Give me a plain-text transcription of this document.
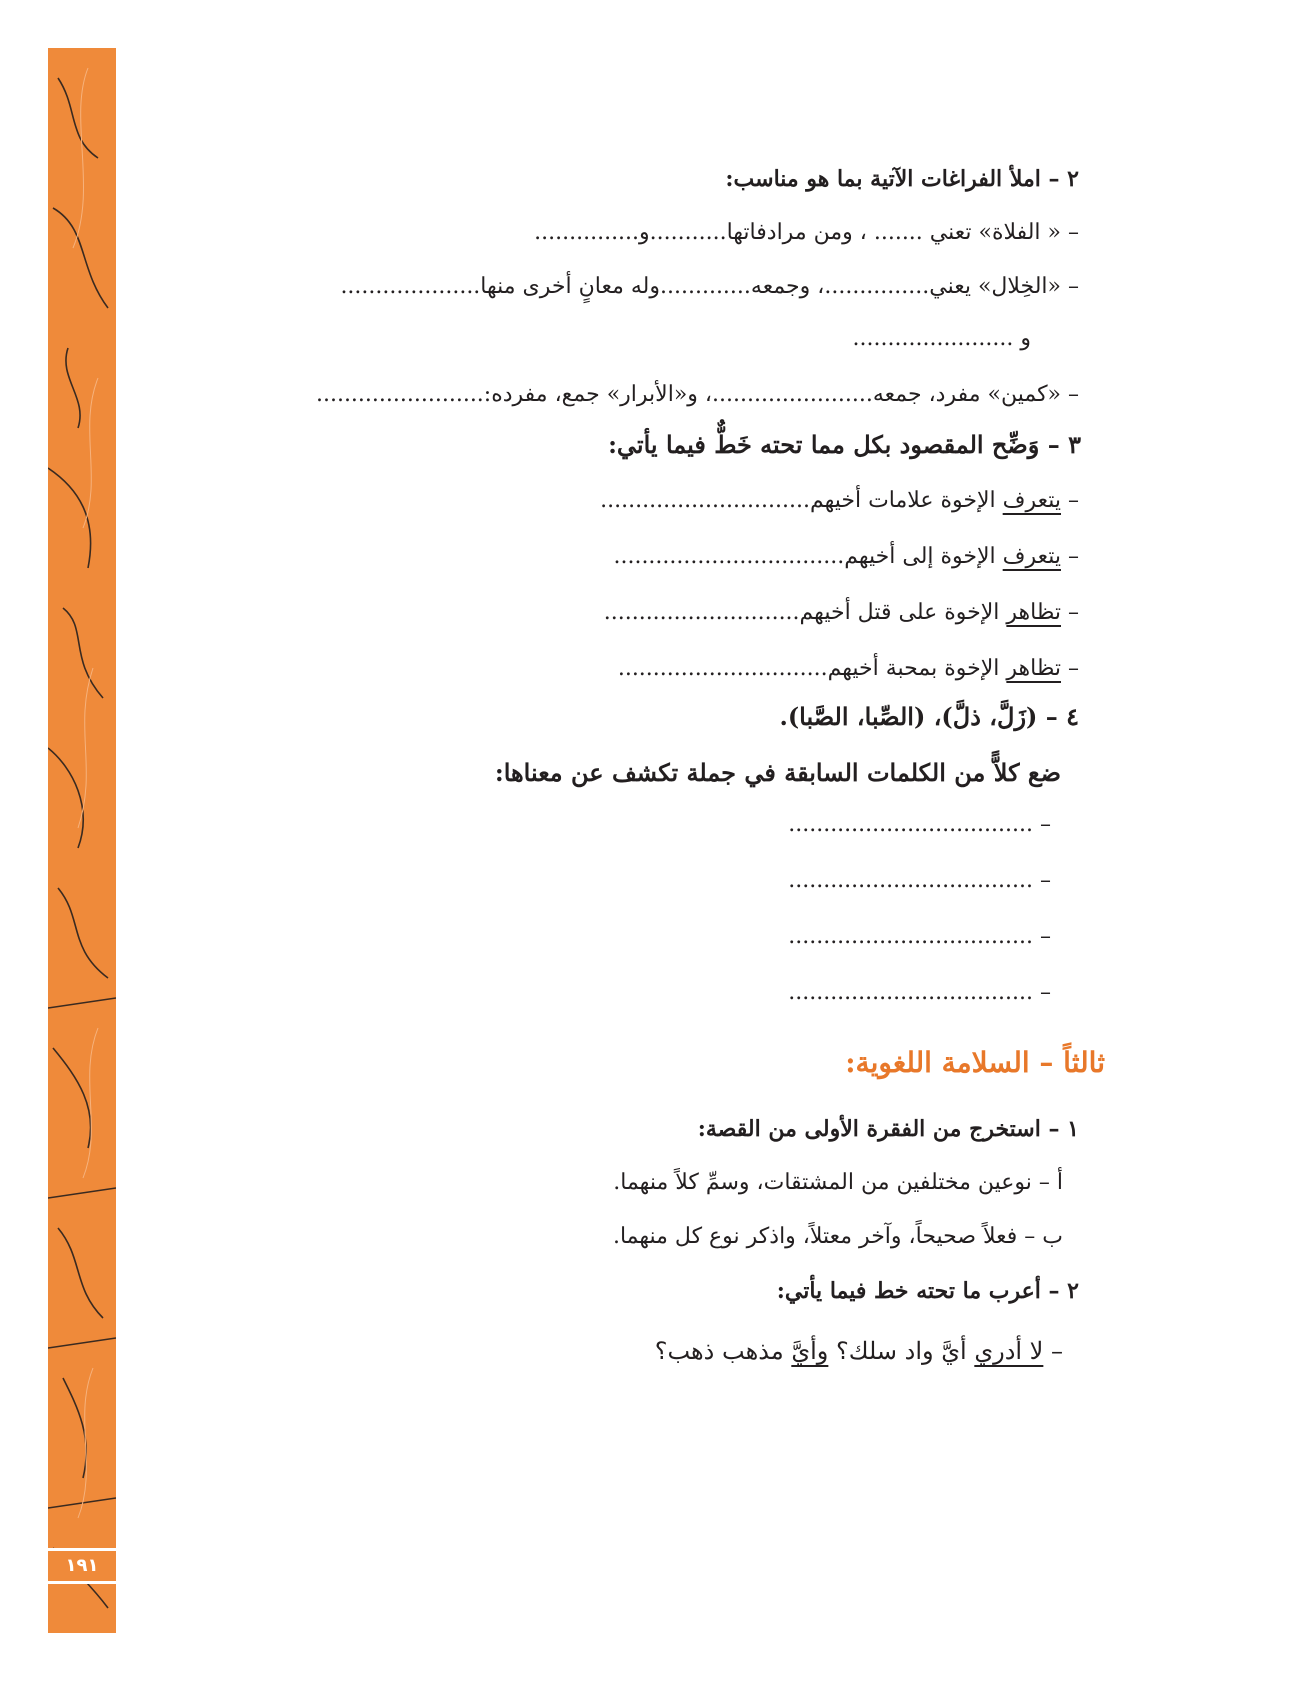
١٩١
٢ – املأ الفراغات الآتية بما هو مناسب:
– « الفلاة» تعني ....... ، ومن مرادفاتها...........و...............
– «الخِلال» يعني...............، وجمعه.............وله معانٍ أخرى منها....................
و .......................
– «كمين» مفرد، جمعه.......................، و«الأبرار» جمع، مفرده:........................
٣ – وَضِّح المقصود بكل مما تحته خَطٌّ فيما يأتي:
– يتعرف الإخوة علامات أخيهم..............................
– يتعرف الإخوة إلى أخيهم.................................
– تظاهر الإخوة على قتل أخيهم............................
– تظاهر الإخوة بمحبة أخيهم..............................
٤ – (زَلَّ، ذلَّ)، (الصِّبا، الصَّبا).
ضع كلاًّ من الكلمات السابقة في جملة تكشف عن معناها:
– ...................................
– ...................................
– ...................................
– ...................................
ثالثاً – السلامة اللغوية:
١ – استخرج من الفقرة الأولى من القصة:
أ – نوعين مختلفين من المشتقات، وسمِّ كلاً منهما.
ب – فعلاً صحيحاً، وآخر معتلاً، واذكر نوع كل منهما.
٢ – أعرب ما تحته خط فيما يأتي:
– لا أدري أيَّ واد سلك؟ وأيَّ مذهب ذهب؟
